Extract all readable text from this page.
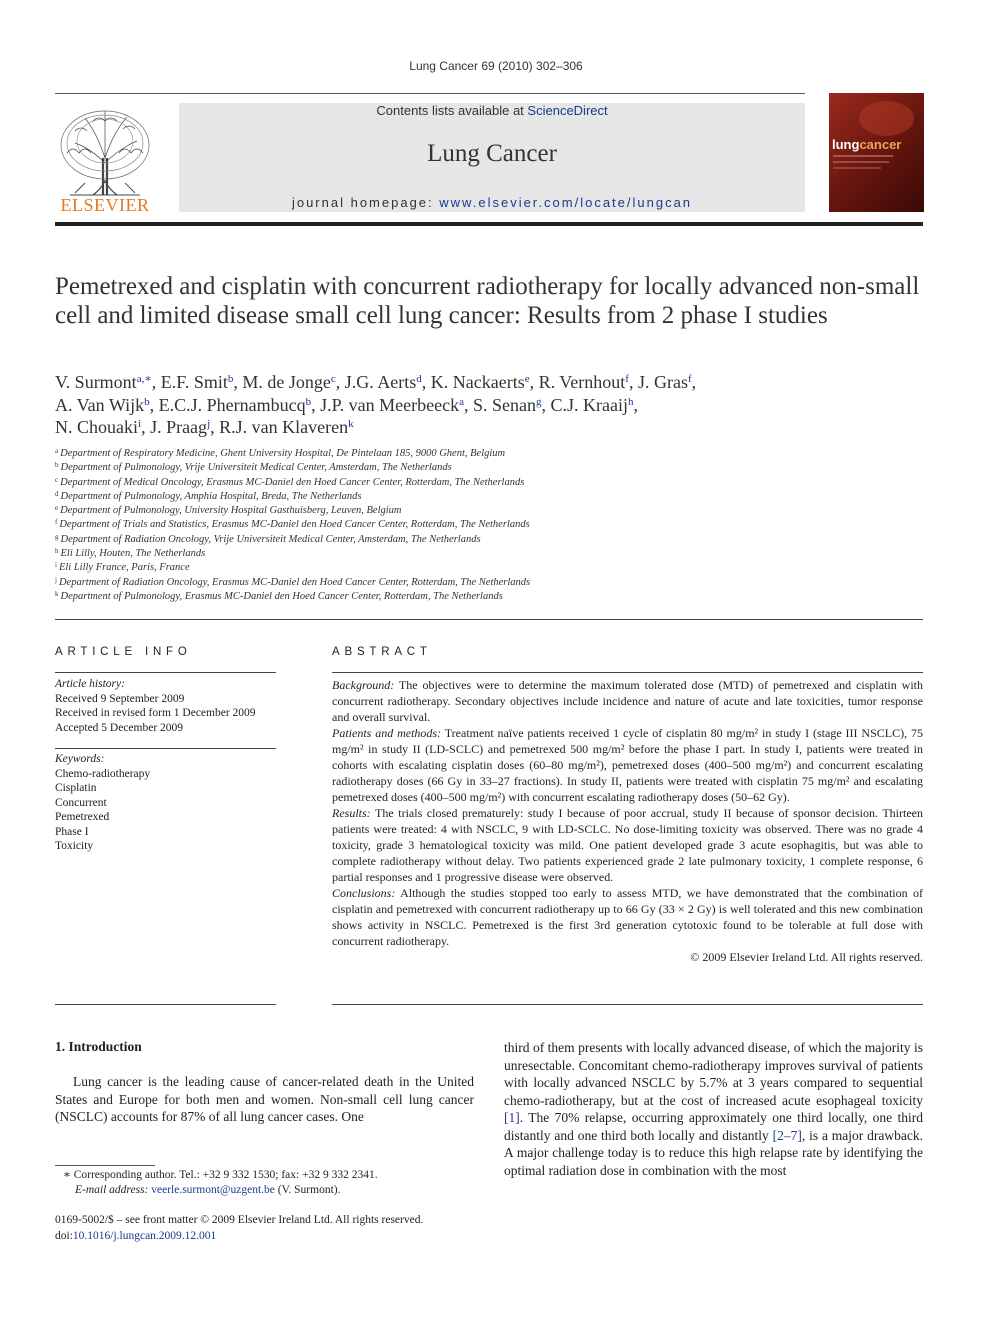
Lung Cancer 69 (2010) 302–306
ELSEVIER
Contents lists available at ScienceDirect
Lung Cancer
journal homepage: www.elsevier.com/locate/lungcan
lungcancer
Pemetrexed and cisplatin with concurrent radiotherapy for locally advanced non-small cell and limited disease small cell lung cancer: Results from 2 phase I studies
V. Surmont$^{a,∗}$, E.F. Smit$^b$, M. de Jonge$^c$, J.G. Aerts$^d$, K. Nackaerts$^e$, R. Vernhout$^f$, J. Gras$^f$,
A. Van Wijk$^b$, E.C.J. Phernambucq$^b$, J.P. van Meerbeeck$^a$, S. Senan$^g$, C.J. Kraaij$^h$,
N. Chouaki$^i$, J. Praag$^j$, R.J. van Klaveren$^k$
$^a$ Department of Respiratory Medicine, Ghent University Hospital, De Pintelaan 185, 9000 Ghent, Belgium
$^b$ Department of Pulmonology, Vrije Universiteit Medical Center, Amsterdam, The Netherlands
$^c$ Department of Medical Oncology, Erasmus MC-Daniel den Hoed Cancer Center, Rotterdam, The Netherlands
$^d$ Department of Pulmonology, Amphia Hospital, Breda, The Netherlands
$^e$ Department of Pulmonology, University Hospital Gasthuisberg, Leuven, Belgium
$^f$ Department of Trials and Statistics, Erasmus MC-Daniel den Hoed Cancer Center, Rotterdam, The Netherlands
$^g$ Department of Radiation Oncology, Vrije Universiteit Medical Center, Amsterdam, The Netherlands
$^h$ Eli Lilly, Houten, The Netherlands
$^i$ Eli Lilly France, Paris, France
$^j$ Department of Radiation Oncology, Erasmus MC-Daniel den Hoed Cancer Center, Rotterdam, The Netherlands
$^k$ Department of Pulmonology, Erasmus MC-Daniel den Hoed Cancer Center, Rotterdam, The Netherlands
ARTICLE INFO
Article history:
Received 9 September 2009
Received in revised form 1 December 2009
Accepted 5 December 2009
Keywords:
Chemo-radiotherapy
Cisplatin
Concurrent
Pemetrexed
Phase I
Toxicity
ABSTRACT

Background: The objectives were to determine the maximum tolerated dose (MTD) of pemetrexed and cisplatin with concurrent radiotherapy. Secondary objectives include incidence and nature of acute and late toxicities, tumor response and overall survival.

Patients and methods: Treatment naïve patients received 1 cycle of cisplatin 80 mg/m² in study I (stage III NSCLC), 75 mg/m² in study II (LD-SCLC) and pemetrexed 500 mg/m² before the phase I part. In study I, patients were treated in cohorts with escalating cisplatin doses (60–80 mg/m²), pemetrexed doses (400–500 mg/m²) and concurrent escalating radiotherapy doses (66 Gy in 33–27 fractions). In study II, patients were treated with cisplatin 75 mg/m² and escalating pemetrexed doses (400–500 mg/m²) with concurrent escalating radiotherapy doses (50–62 Gy).

Results: The trials closed prematurely: study I because of poor accrual, study II because of sponsor decision. Thirteen patients were treated: 4 with NSCLC, 9 with LD-SCLC. No dose-limiting toxicity was observed. There was no grade 4 toxicity, grade 3 hematological toxicity was mild. One patient developed grade 3 acute esophagitis, but was able to complete radiotherapy without delay. Two patients experienced grade 2 late pulmonary toxicity, 1 complete response, 6 partial responses and 1 progressive disease were observed.

Conclusions: Although the studies stopped too early to assess MTD, we have demonstrated that the combination of cisplatin and pemetrexed with concurrent radiotherapy up to 66 Gy (33 × 2 Gy) is well tolerated and this new combination shows activity in NSCLC. Pemetrexed is the first 3rd generation cytotoxic found to be tolerable at full dose with concurrent radiotherapy.

© 2009 Elsevier Ireland Ltd. All rights reserved.

1. Introduction

Lung cancer is the leading cause of cancer-related death in the United States and Europe for both men and women. Non-small cell lung cancer (NSCLC) accounts for 87% of all lung cancer cases. One

third of them presents with locally advanced disease, of which the majority is unresectable. Concomitant chemo-radiotherapy improves survival of patients with locally advanced NSCLC by 5.7% at 3 years compared to sequential chemo-radiotherapy, but at the cost of increased acute esophageal toxicity [1]. The 70% relapse, occurring approximately one third locally, one third distantly and one third both locally and distantly [2–7], is a major drawback. A major challenge today is to reduce this high relapse rate by identifying the optimal radiation dose in combination with the most

∗ Corresponding author. Tel.: +32 9 332 1530; fax: +32 9 332 2341.
E-mail address: veerle.surmont@uzgent.be (V. Surmont).
0169-5002/$ – see front matter © 2009 Elsevier Ireland Ltd. All rights reserved.
doi:10.1016/j.lungcan.2009.12.001
